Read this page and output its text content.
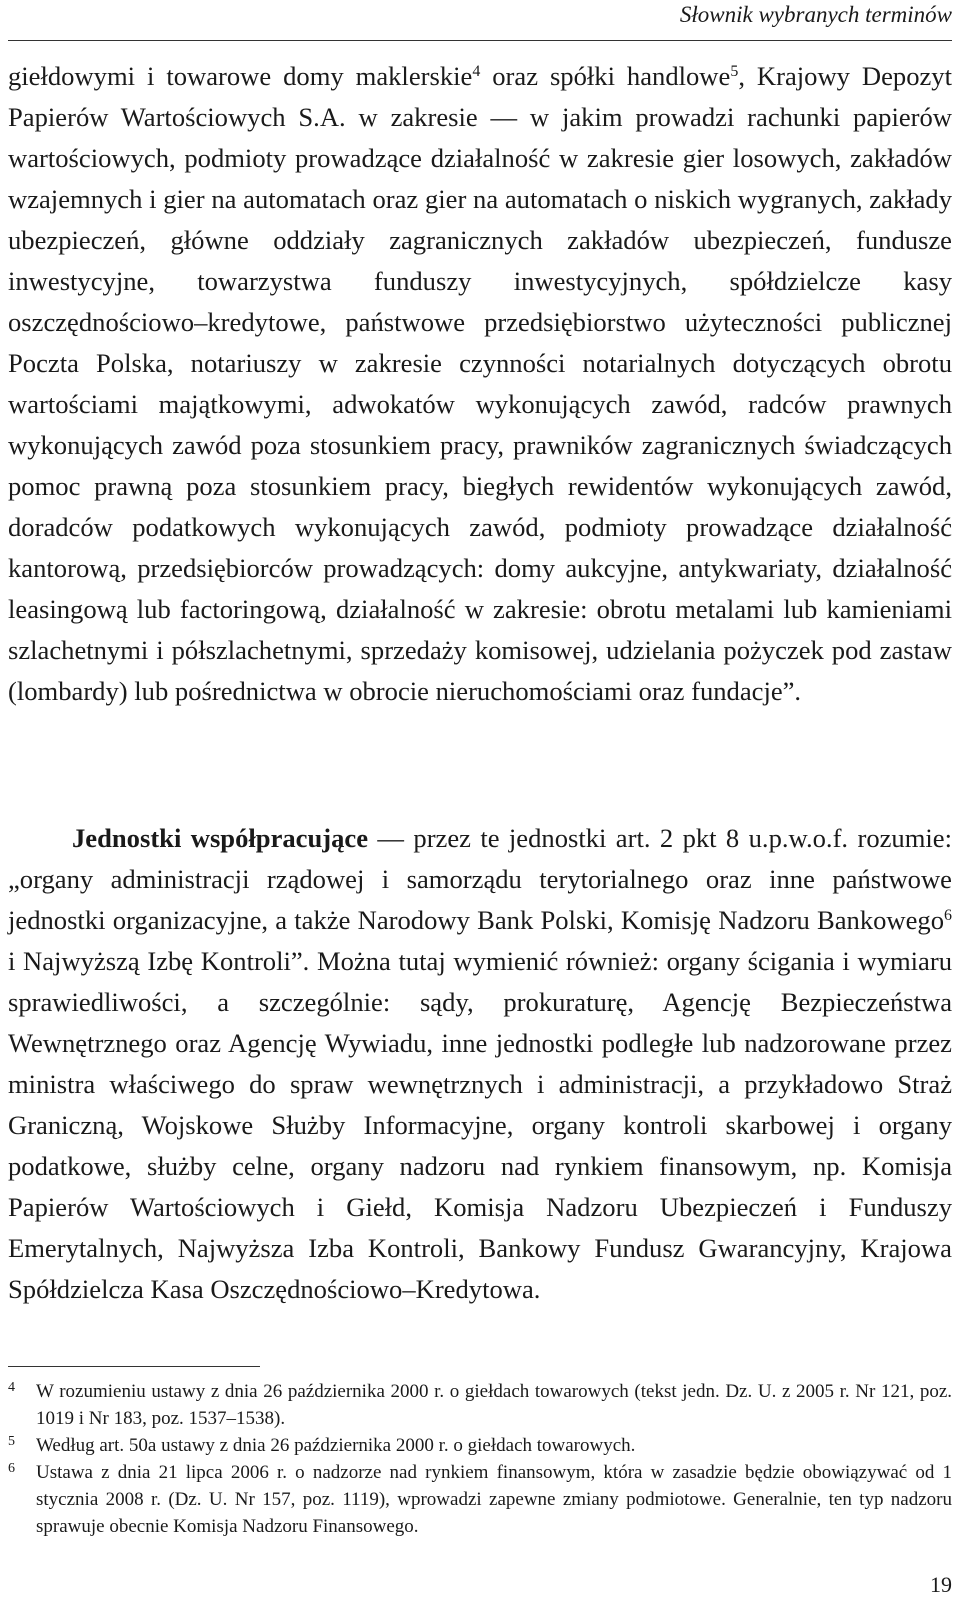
Słownik wybranych terminów

giełdowymi i towarowe domy maklerskie$^4$ oraz spółki handlowe$^5$, Krajowy Depozyt Papierów Wartościowych S.A. w zakresie — w jakim prowadzi rachunki papierów wartościowych, podmioty prowadzące działalność w zakresie gier losowych, zakładów wzajemnych i gier na automatach oraz gier na automatach o niskich wygranych, zakłady ubezpieczeń, główne oddziały zagranicznych zakładów ubezpieczeń, fundusze inwestycyjne, towarzystwa funduszy inwestycyjnych, spółdzielcze kasy oszczędnościowo–kredytowe, państwowe przedsiębiorstwo użyteczności publicznej Poczta Polska, notariuszy w zakresie czynności notarialnych dotyczących obrotu wartościami majątkowymi, adwokatów wykonujących zawód, radców prawnych wykonujących zawód poza stosunkiem pracy, prawników zagranicznych świadczących pomoc prawną poza stosunkiem pracy, biegłych rewidentów wykonujących zawód, doradców podatkowych wykonujących zawód, podmioty prowadzące działalność kantorową, przedsiębiorców prowadzących: domy aukcyjne, antykwariaty, działalność leasingową lub factoringową, działalność w zakresie: obrotu metalami lub kamieniami szlachetnymi i półszlachetnymi, sprzedaży komisowej, udzielania pożyczek pod zastaw (lombardy) lub pośrednictwa w obrocie nieruchomościami oraz fundacje”.

Jednostki współpracujące — przez te jednostki art. 2 pkt 8 u.p.w.o.f. rozumie: „organy administracji rządowej i samorządu terytorialnego oraz inne państwowe jednostki organizacyjne, a także Narodowy Bank Polski, Komisję Nadzoru Bankowego$^6$ i Najwyższą Izbę Kontroli”. Można tutaj wymienić również: organy ścigania i wymiaru sprawiedliwości, a szczególnie: sądy, prokuraturę, Agencję Bezpieczeństwa Wewnętrznego oraz Agencję Wywiadu, inne jednostki podległe lub nadzorowane przez ministra właściwego do spraw wewnętrznych i administracji, a przykładowo Straż Graniczną, Wojskowe Służby Informacyjne, organy kontroli skarbowej i organy podatkowe, służby celne, organy nadzoru nad rynkiem finansowym, np. Komisja Papierów Wartościowych i Giełd, Komisja Nadzoru Ubezpieczeń i Funduszy Emerytalnych, Najwyższa Izba Kontroli, Bankowy Fundusz Gwarancyjny, Krajowa Spółdzielcza Kasa Oszczędnościowo–Kredytowa.

4 W rozumieniu ustawy z dnia 26 października 2000 r. o giełdach towarowych (tekst jedn. Dz. U. z 2005 r. Nr 121, poz. 1019 i Nr 183, poz. 1537–1538).
5 Według art. 50a ustawy z dnia 26 października 2000 r. o giełdach towarowych.
6 Ustawa z dnia 21 lipca 2006 r. o nadzorze nad rynkiem finansowym, która w zasadzie będzie obowiązywać od 1 stycznia 2008 r. (Dz. U. Nr 157, poz. 1119), wprowadzi zapewne zmiany podmiotowe. Generalnie, ten typ nadzoru sprawuje obecnie Komisja Nadzoru Finansowego.
19
